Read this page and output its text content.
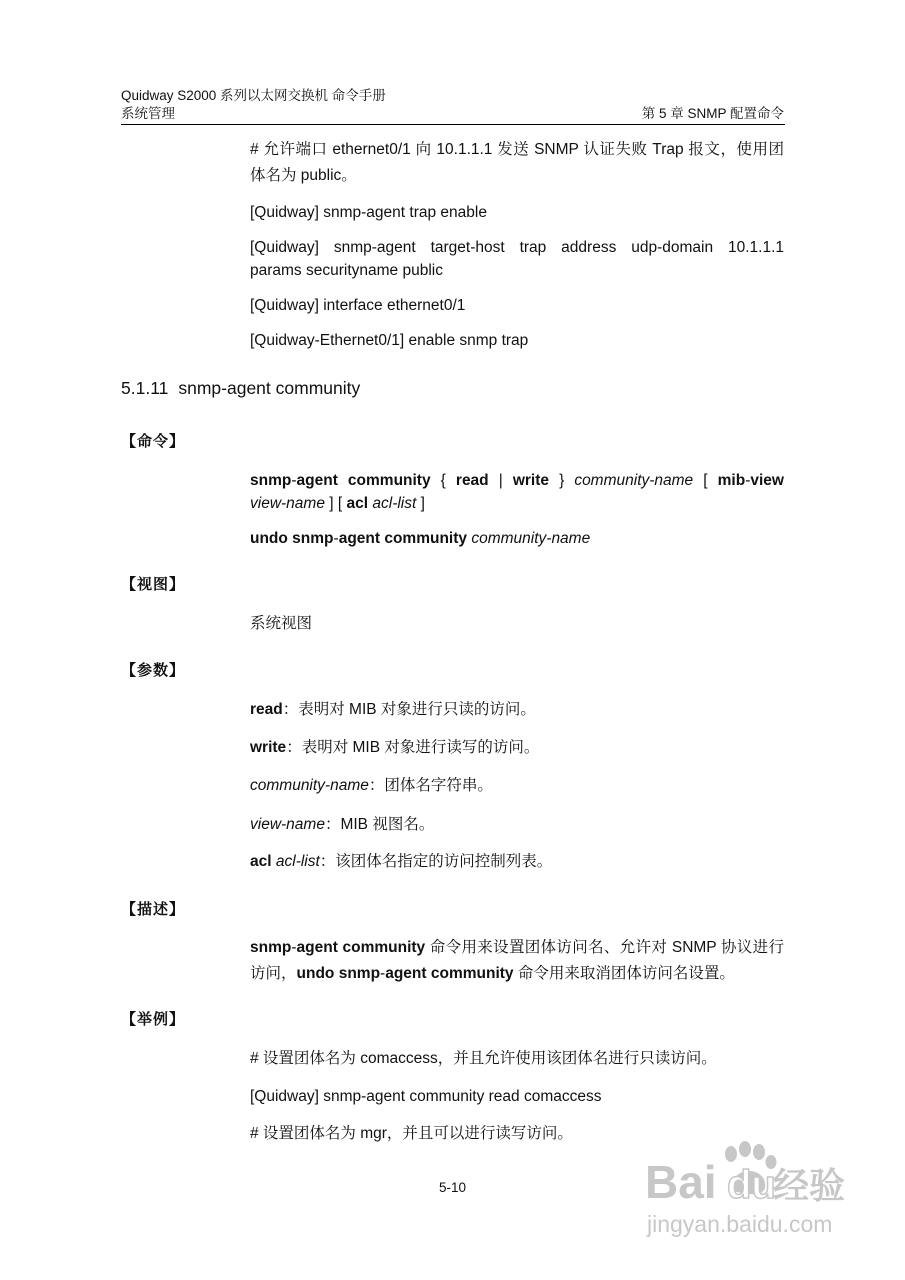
Quidway S2000 系列以太网交换机 命令手册
系统管理	第 5 章 SNMP 配置命令
# 允许端口 ethernet0/1 向 10.1.1.1 发送 SNMP 认证失败 Trap 报文，使用团
体名为 public。
[Quidway] snmp-agent trap enable
[Quidway] snmp-agent target-host trap address udp-domain 10.1.1.1
params securityname public
[Quidway] interface ethernet0/1
[Quidway-Ethernet0/1] enable snmp trap
5.1.11 snmp-agent community
【命令】
snmp-agent community { read | write } community-name [ mib-view
view-name ] [ acl acl-list ]
undo snmp-agent community community-name
【视图】
系统视图
【参数】
read：表明对 MIB 对象进行只读的访问。
write：表明对 MIB 对象进行读写的访问。
community-name：团体名字符串。
view-name：MIB 视图名。
acl acl-list：该团体名指定的访问控制列表。
【描述】
snmp-agent community 命令用来设置团体访问名、允许对 SNMP 协议进行
访问，undo snmp-agent community 命令用来取消团体访问名设置。
【举例】
# 设置团体名为 comaccess，并且允许使用该团体名进行只读访问。
[Quidway] snmp-agent community read comaccess
# 设置团体名为 mgr，并且可以进行读写访问。
5-10	Bai du
经验
jingyan.baidu.com
